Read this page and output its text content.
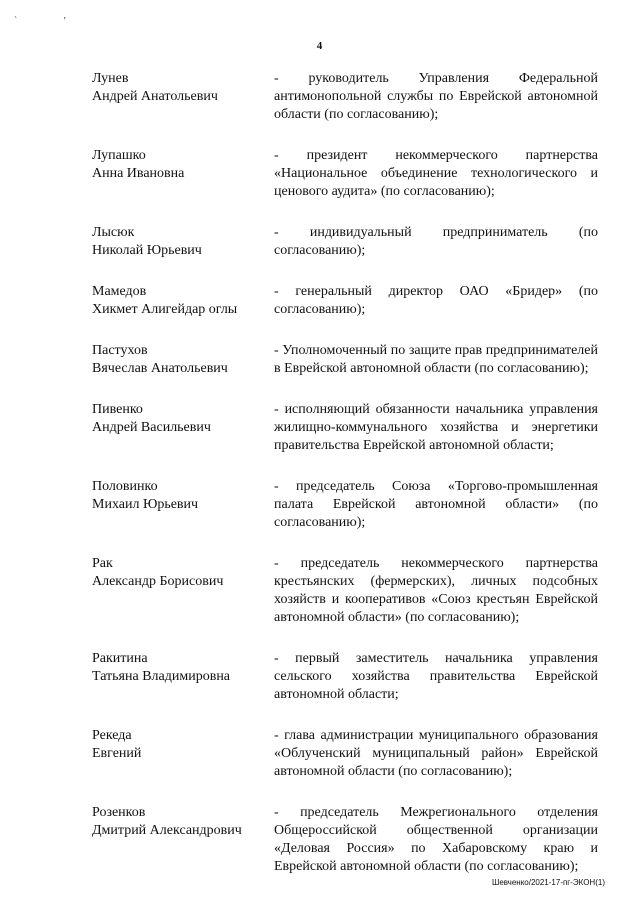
` '
4
Лунев
Андрей Анатольевич
- руководитель Управления Федеральной антимонопольной службы по Еврейской автономной области (по согласованию);
Лупашко
Анна Ивановна
- президент некоммерческого партнерства «Национальное объединение технологического и ценового аудита» (по согласованию);
Лысюк
Николай Юрьевич
- индивидуальный предприниматель (по согласованию);
Мамедов
Хикмет Алигейдар оглы
- генеральный директор ОАО «Бридер» (по согласованию);
Пастухов
Вячеслав Анатольевич
- Уполномоченный по защите прав предпринимателей в Еврейской автономной области (по согласованию);
Пивенко
Андрей Васильевич
- исполняющий обязанности начальника управления жилищно-коммунального хозяйства и энергетики правительства Еврейской автономной области;
Половинко
Михаил Юрьевич
- председатель Союза «Торгово-промышленная палата Еврейской автономной области» (по согласованию);
Рак
Александр Борисович
- председатель некоммерческого партнерства крестьянских (фермерских), личных подсобных хозяйств и кооперативов «Союз крестьян Еврейской автономной области» (по согласованию);
Ракитина
Татьяна Владимировна
- первый заместитель начальника управления сельского хозяйства правительства Еврейской автономной области;
Рекеда
Евгений
- глава администрации муниципального образования «Облученский муниципальный район» Еврейской автономной области (по согласованию);
Розенков
Дмитрий Александрович
- председатель Межрегионального отделения Общероссийской общественной организации «Деловая Россия» по Хабаровскому краю и Еврейской автономной области (по согласованию);
Шевченко/2021-17-пг-ЭКОН(1)
